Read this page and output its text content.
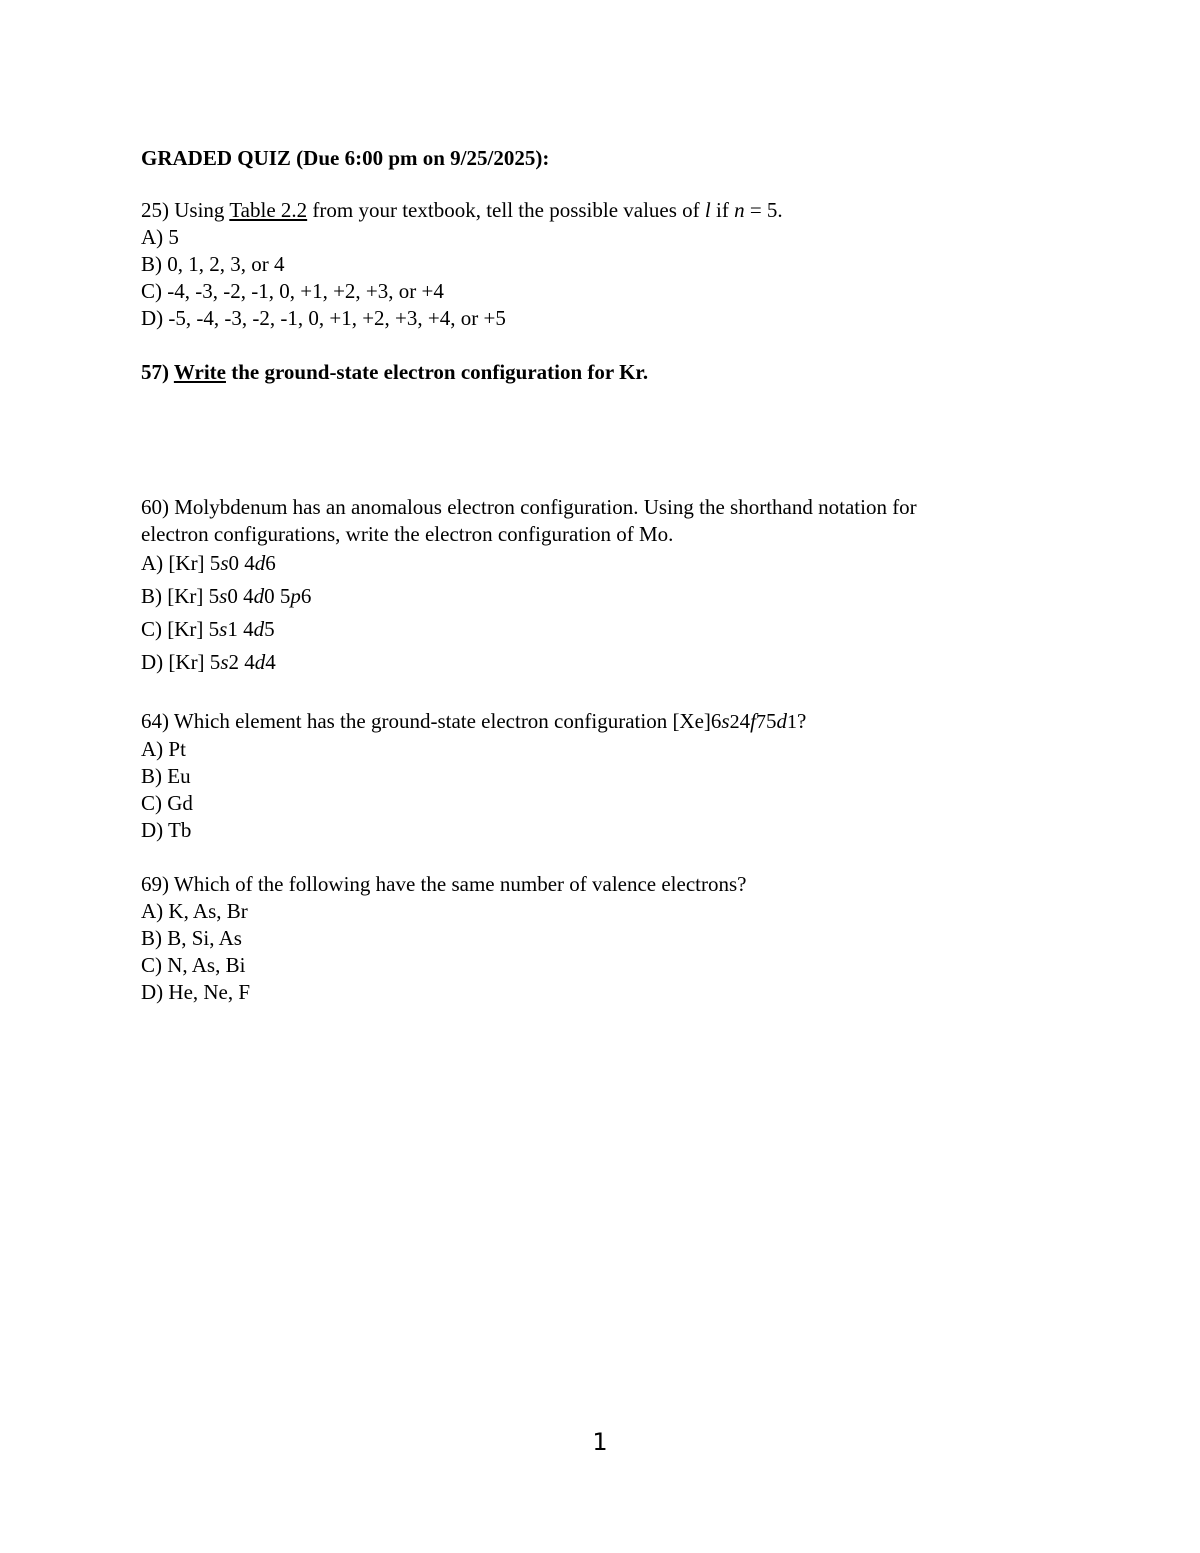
GRADED QUIZ (Due 6:00 pm on 9/25/2025):
25) Using Table 2.2 from your textbook, tell the possible values of l if n = 5.
A) 5
B) 0, 1, 2, 3, or 4
C) -4, -3, -2, -1, 0, +1, +2, +3, or +4
D) -5, -4, -3, -2, -1, 0, +1, +2, +3, +4, or +5
57) Write the ground-state electron configuration for Kr.
60) Molybdenum has an anomalous electron configuration. Using the shorthand notation for
electron configurations, write the electron configuration of Mo.
A) [Kr] 5s0 4d6
B) [Kr] 5s0 4d0 5p6
C) [Kr] 5s1 4d5
D) [Kr] 5s2 4d4
64) Which element has the ground-state electron configuration [Xe]6s24f75d1?
A) Pt
B) Eu
C) Gd
D) Tb
69) Which of the following have the same number of valence electrons?
A) K, As, Br
B) B, Si, As
C) N, As, Bi
D) He, Ne, F
1
